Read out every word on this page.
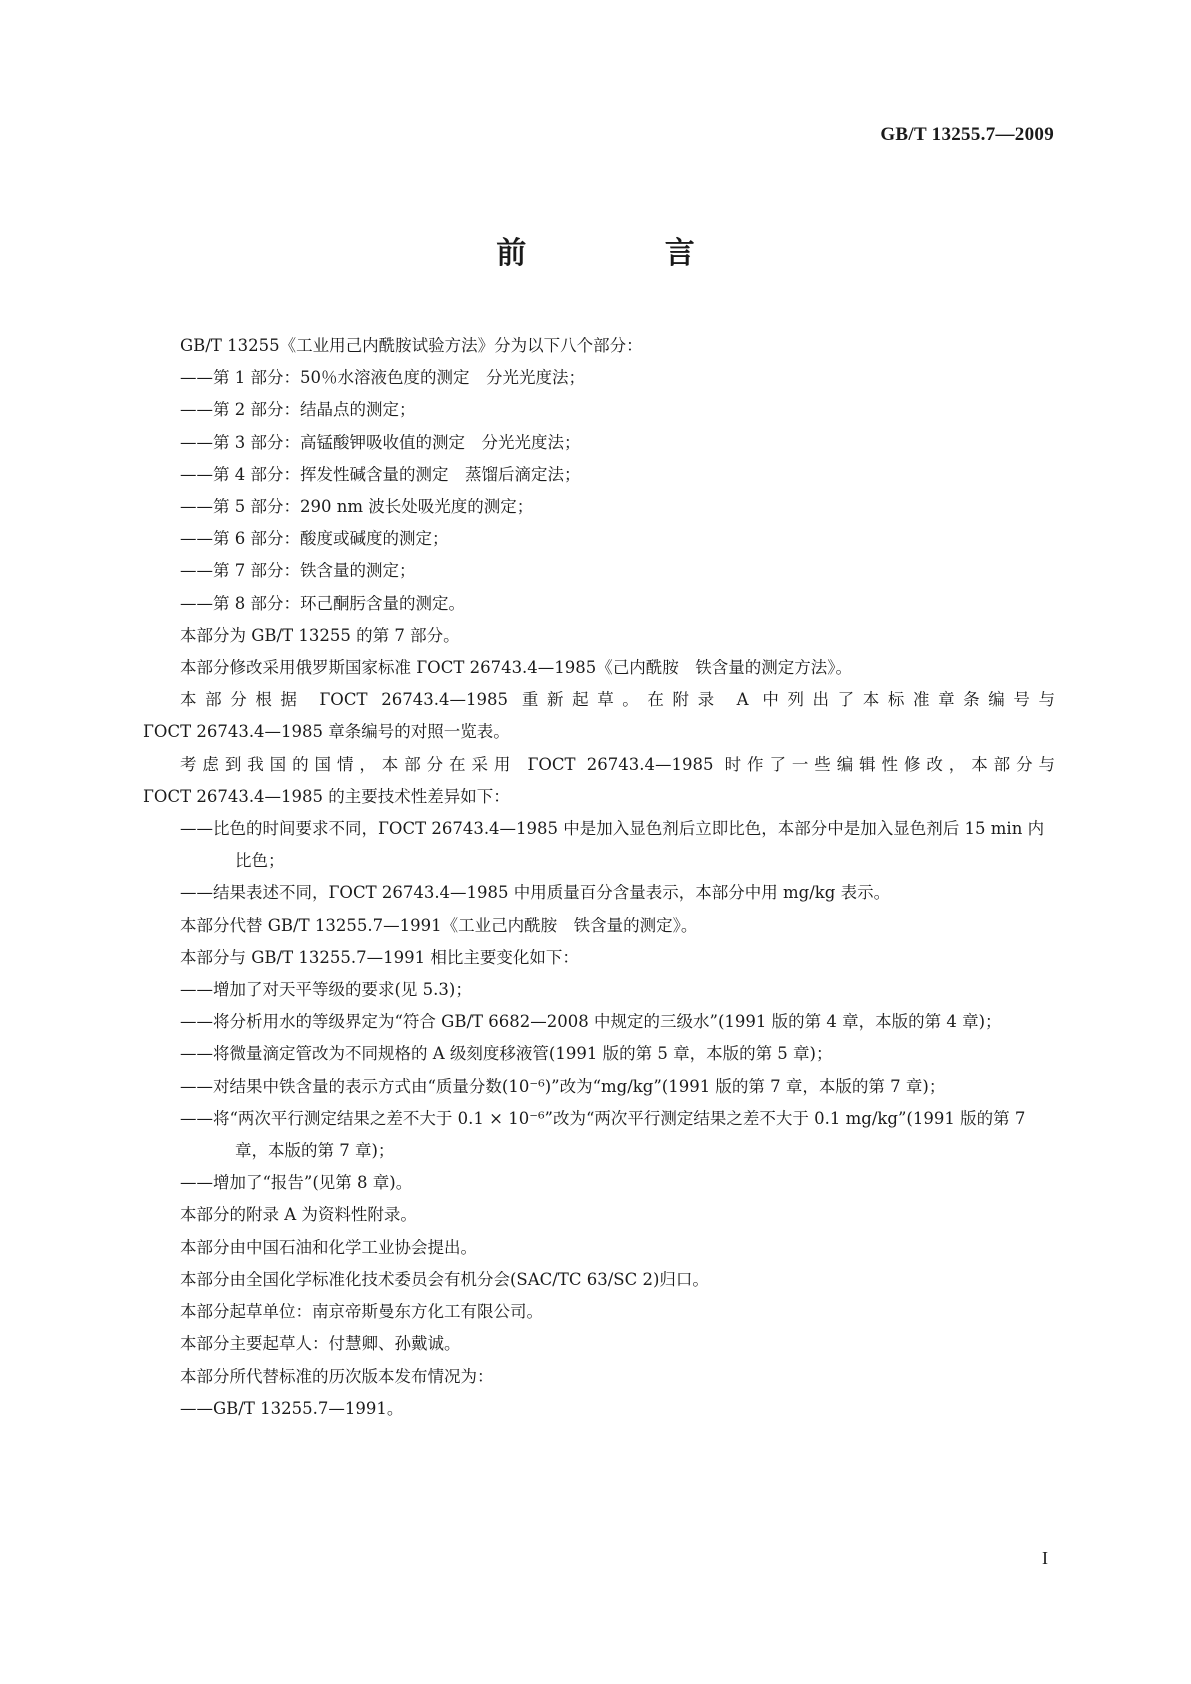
GB/T 13255.7—2009
前 言

GB/T 13255《工业用己内酰胺试验方法》分为以下八个部分：

——第 1 部分：50％水溶液色度的测定　分光光度法；

——第 2 部分：结晶点的测定；

——第 3 部分：高锰酸钾吸收值的测定　分光光度法；

——第 4 部分：挥发性碱含量的测定　蒸馏后滴定法；

——第 5 部分：290 nm 波长处吸光度的测定；

——第 6 部分：酸度或碱度的测定；

——第 7 部分：铁含量的测定；

——第 8 部分：环己酮肟含量的测定。

本部分为 GB/T 13255 的第 7 部分。

本部分修改采用俄罗斯国家标准 ГОСТ 26743.4—1985《己内酰胺　铁含量的测定方法》。

本部分根据 ГОСТ 26743.4—1985 重新起草。在附录 A 中列出了本标准章条编号与

ГОСТ 26743.4—1985 章条编号的对照一览表。

考虑到我国的国情，本部分在采用 ГОСТ 26743.4—1985 时作了一些编辑性修改，本部分与

ГОСТ 26743.4—1985 的主要技术性差异如下：

——比色的时间要求不同，ГОСТ 26743.4—1985 中是加入显色剂后立即比色，本部分中是加入显色剂后 15 min 内比色；

——结果表述不同，ГОСТ 26743.4—1985 中用质量百分含量表示，本部分中用 mg/kg 表示。

本部分代替 GB/T 13255.7—1991《工业己内酰胺　铁含量的测定》。

本部分与 GB/T 13255.7—1991 相比主要变化如下：

——增加了对天平等级的要求(见 5.3)；

——将分析用水的等级界定为“符合 GB/T 6682—2008 中规定的三级水”(1991 版的第 4 章，本版的第 4 章)；

——将微量滴定管改为不同规格的 A 级刻度移液管(1991 版的第 5 章，本版的第 5 章)；

——对结果中铁含量的表示方式由“质量分数(10⁻⁶)”改为“mg/kg”(1991 版的第 7 章，本版的第 7 章)；

——将“两次平行测定结果之差不大于 0.1 × 10⁻⁶”改为“两次平行测定结果之差不大于 0.1 mg/kg”(1991 版的第 7 章，本版的第 7 章)；

——增加了“报告”(见第 8 章)。

本部分的附录 A 为资料性附录。

本部分由中国石油和化学工业协会提出。

本部分由全国化学标准化技术委员会有机分会(SAC/TC 63/SC 2)归口。

本部分起草单位：南京帝斯曼东方化工有限公司。

本部分主要起草人：付慧卿、孙戴诚。

本部分所代替标准的历次版本发布情况为：

——GB/T 13255.7—1991。

I
